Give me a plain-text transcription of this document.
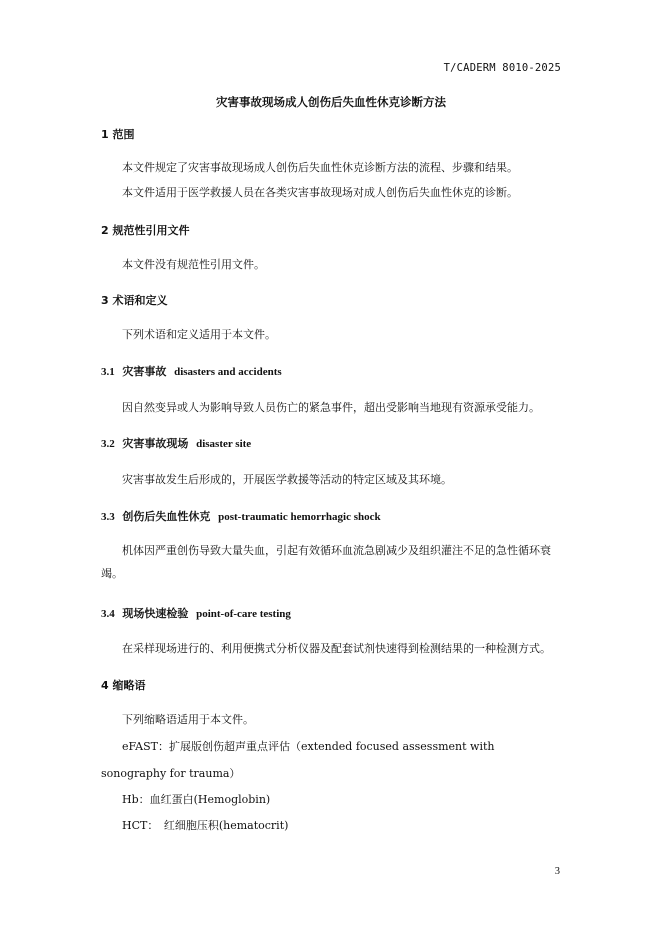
T/CADERM 8010-2025
灾害事故现场成人创伤后失血性休克诊断方法
1 范围
本文件规定了灾害事故现场成人创伤后失血性休克诊断方法的流程、步骤和结果。
本文件适用于医学救援人员在各类灾害事故现场对成人创伤后失血性休克的诊断。
2 规范性引用文件
本文件没有规范性引用文件。
3 术语和定义
下列术语和定义适用于本文件。
3.1 灾害事故 disasters and accidents
因自然变异或人为影响导致人员伤亡的紧急事件，超出受影响当地现有资源承受能力。
3.2 灾害事故现场 disaster site
灾害事故发生后形成的，开展医学救援等活动的特定区域及其环境。
3.3 创伤后失血性休克 post-traumatic hemorrhagic shock
机体因严重创伤导致大量失血，引起有效循环血流急剧减少及组织灌注不足的急性循环衰竭。
3.4 现场快速检验 point-of-care testing
在采样现场进行的、利用便携式分析仪器及配套试剂快速得到检测结果的一种检测方式。
4 缩略语
下列缩略语适用于本文件。
eFAST：扩展版创伤超声重点评估（extended focused assessment with sonography for trauma）
Hb：血红蛋白(Hemoglobin)
HCT：　红细胞压积(hematocrit)
3
